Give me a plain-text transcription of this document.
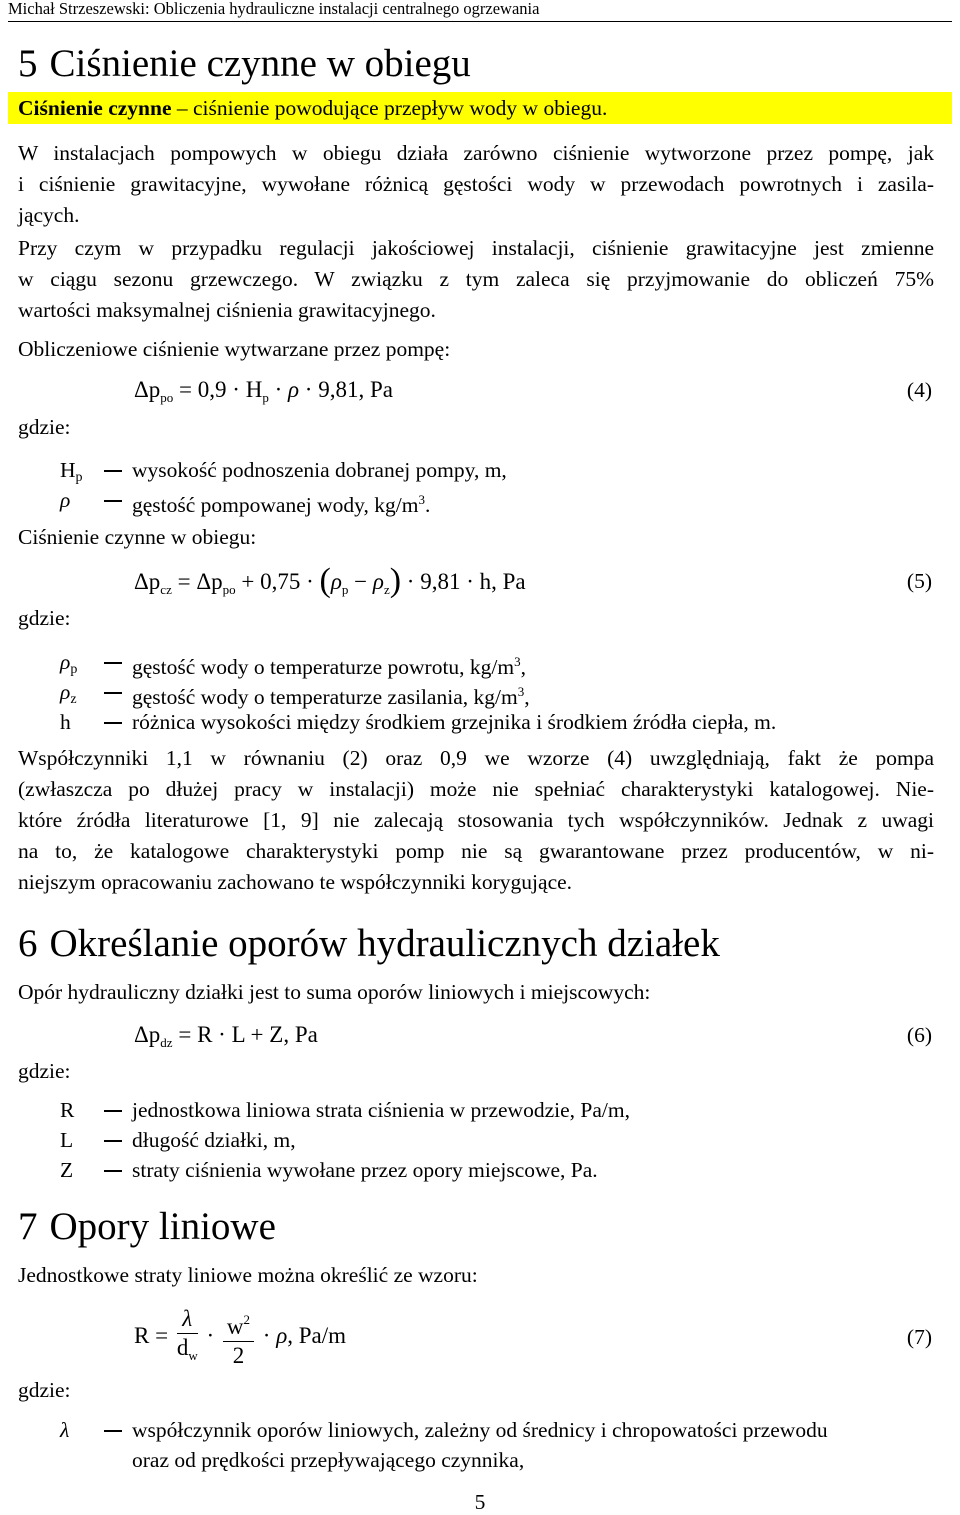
Michał Strzeszewski: Obliczenia hydrauliczne instalacji centralnego ogrzewania
5 Ciśnienie czynne w obiegu
Ciśnienie czynne – ciśnienie powodujące przepływ wody w obiegu.
W instalacjach pompowych w obiegu działa zarówno ciśnienie wytworzone przez pompę, jak
i ciśnienie grawitacyjne, wywołane różnicą gęstości wody w przewodach powrotnych i zasila-
jących.
Przy czym w przypadku regulacji jakościowej instalacji, ciśnienie grawitacyjne jest zmienne
w ciągu sezonu grzewczego. W związku z tym zaleca się przyjmowanie do obliczeń 75%
wartości maksymalnej ciśnienia grawitacyjnego.
Obliczeniowe ciśnienie wytwarzane przez pompę:
$\Delta p_{po} = 0,9 \cdot H_p \cdot \rho \cdot 9,81$, Pa	(4)
gdzie:
$H_p$ wysokość podnoszenia dobranej pompy, m,
ρ	gęstość pompowanej wody, $kg/m^3$.
Ciśnienie czynne w obiegu:
$\Delta p_{cz} = \Delta p_{po} + 0,75 \cdot (\rho_p - \rho_z) \cdot 9,81 \cdot h$, Pa	(5)
gdzie:
$\rho_p$	gęstość wody o temperaturze powrotu, $kg/m^3$,
$\rho_z$	gęstość wody o temperaturze zasilania, $kg/m^3$,
h	różnica wysokości między środkiem grzejnika i środkiem źródła ciepła, m.
Współczynniki 1,1 w równaniu (2) oraz 0,9 we wzorze (4) uwzględniają, fakt że pompa
(zwłaszcza po dłużej pracy w instalacji) może nie spełniać charakterystyki katalogowej. Nie-
które źródła literaturowe [1, 9] nie zalecają stosowania tych współczynników. Jednak z uwagi
na to, że katalogowe charakterystyki pomp nie są gwarantowane przez producentów, w ni-
niejszym opracowaniu zachowano te współczynniki korygujące.
6 Określanie oporów hydraulicznych działek
Opór hydrauliczny działki jest to suma oporów liniowych i miejscowych:
$\Delta p_{dz} = R \cdot L + Z$, Pa	(6)
gdzie:
R	jednostkowa liniowa strata ciśnienia w przewodzie, Pa/m,
L	długość działki, m,
Z	straty ciśnienia wywołane przez opory miejscowe, Pa.
7 Opory liniowe
Jednostkowe straty liniowe można określić ze wzoru:
$R = \frac{\lambda}{d_w} \cdot \frac{w^2}{2} \cdot \rho$, Pa/m	(7)
gdzie:
λ	współczynnik oporów liniowych, zależny od średnicy i chropowatości przewodu
oraz od prędkości przepływającego czynnika,
5
